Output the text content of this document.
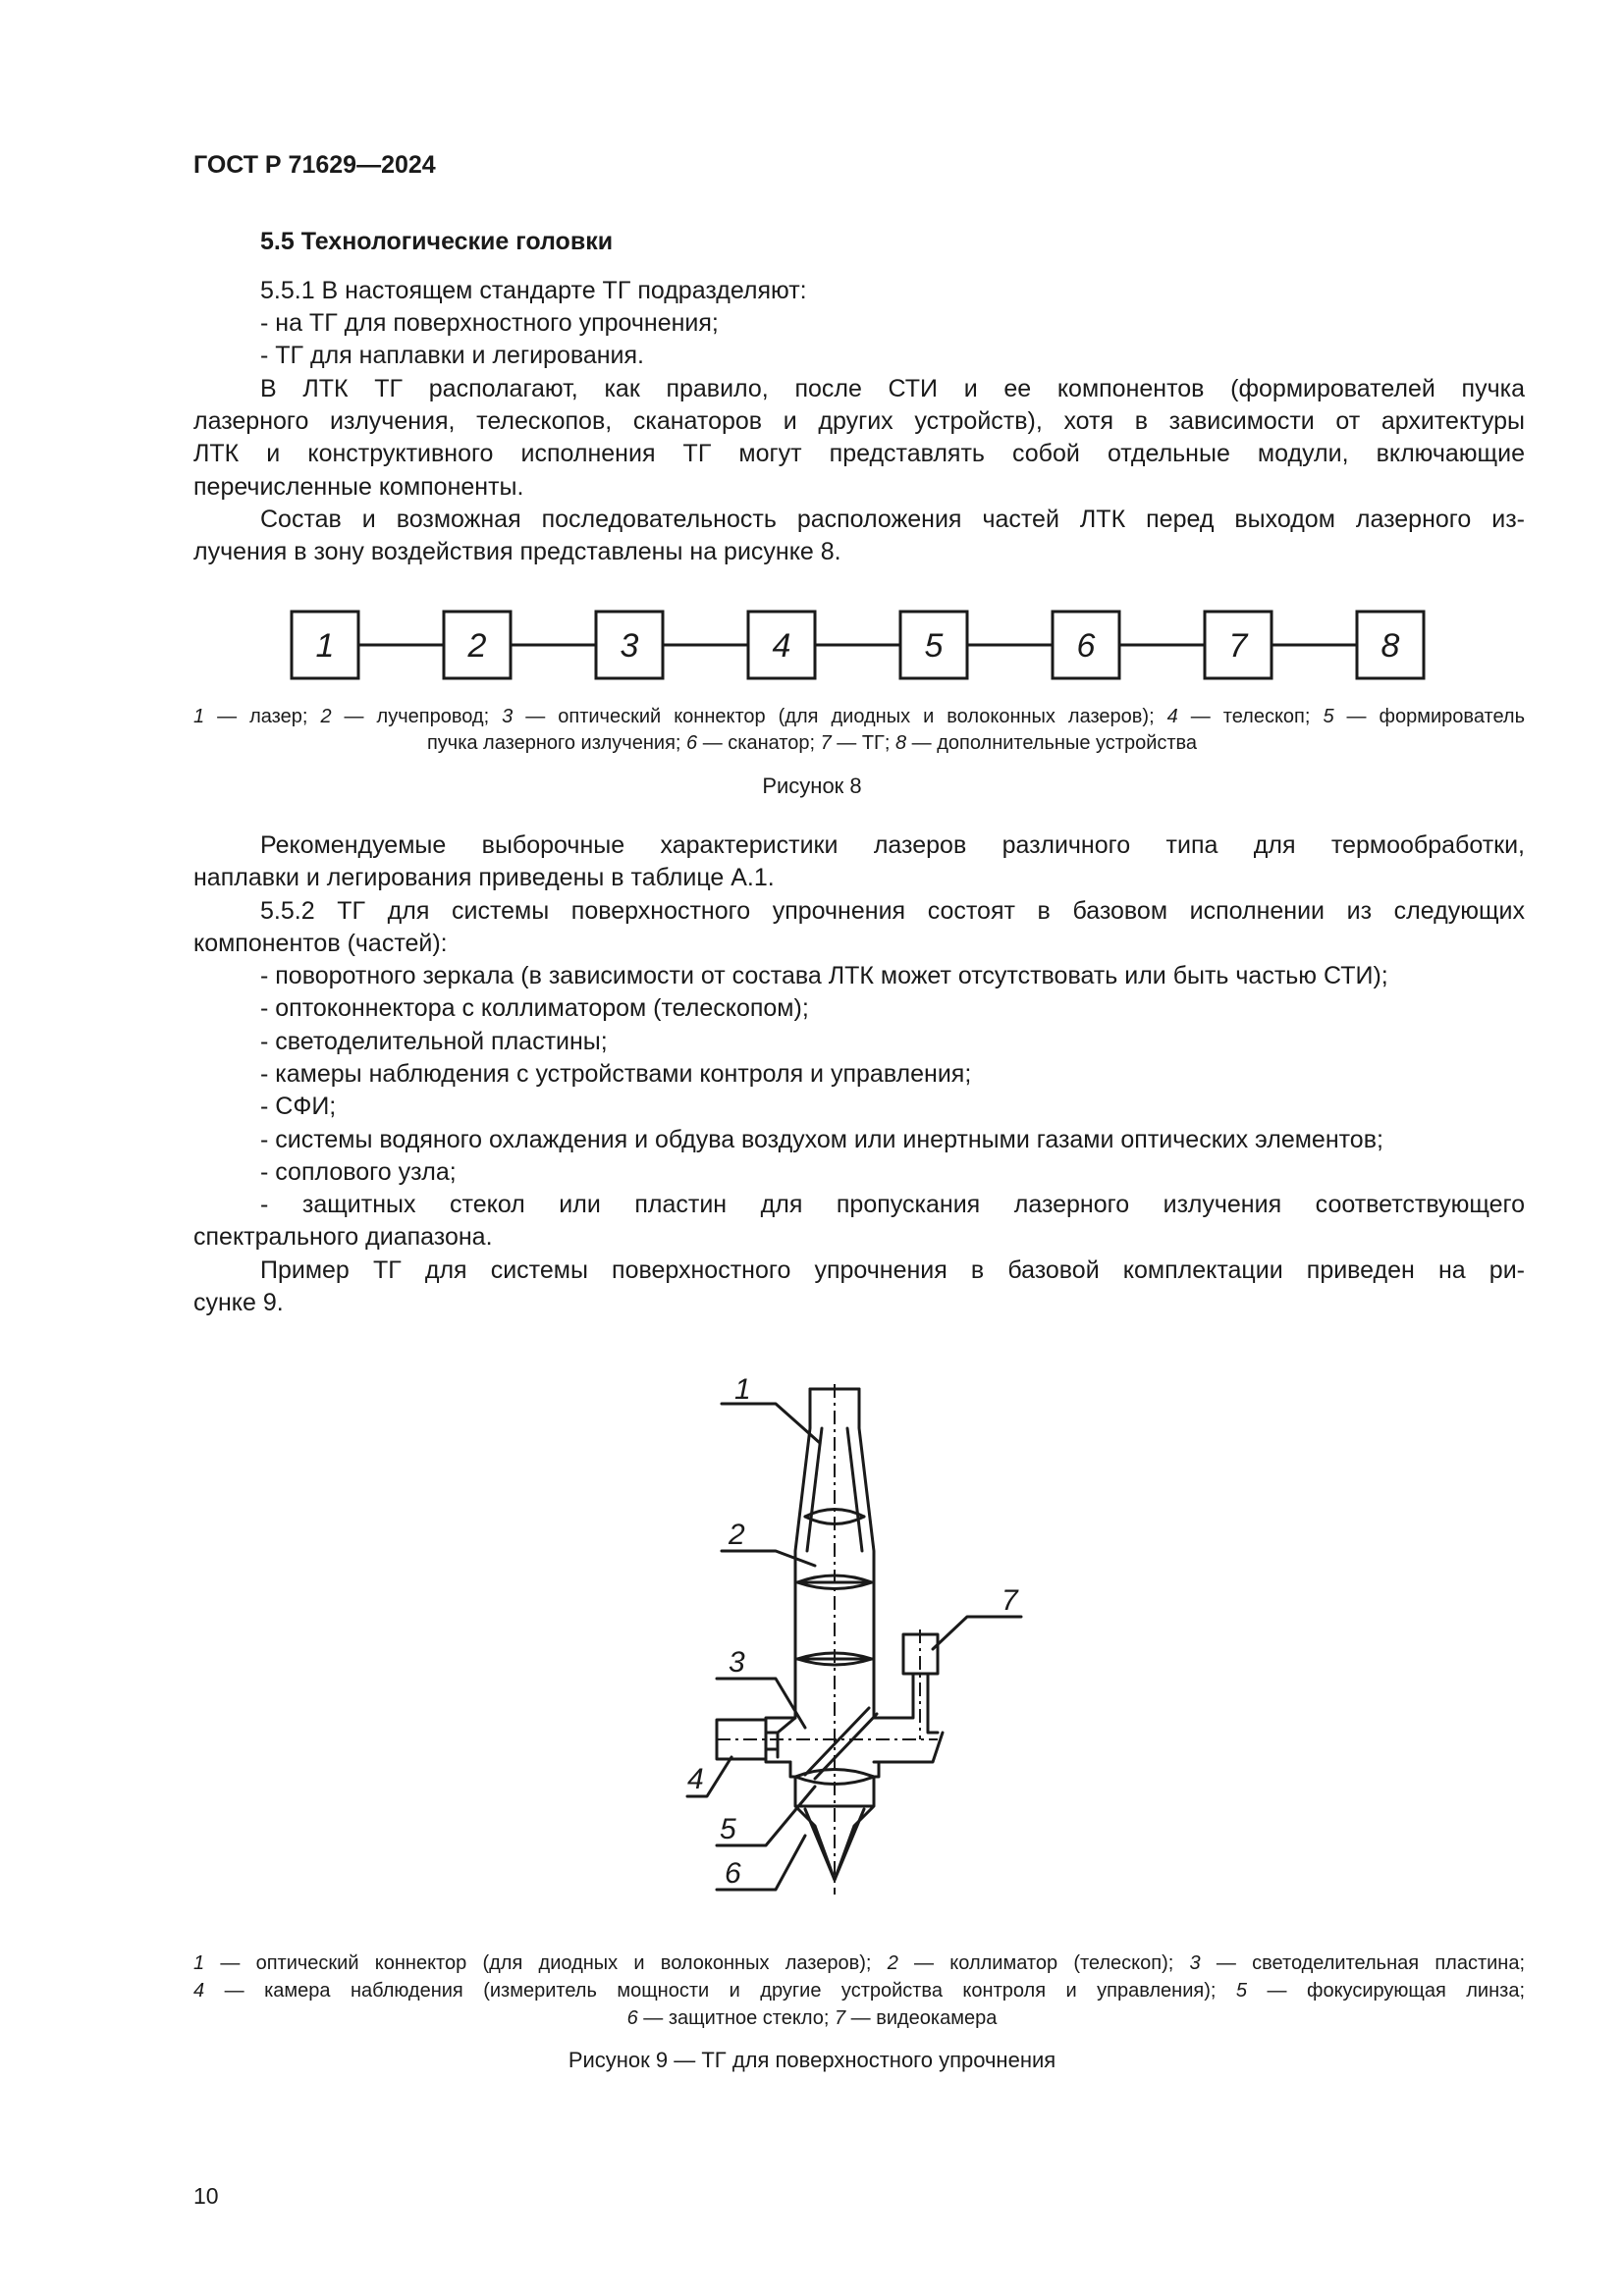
ГОСТ Р 71629—2024
5.5 Технологические головки
5.5.1 В настоящем стандарте ТГ подразделяют:
- на ТГ для поверхностного упрочнения;
- ТГ для наплавки и легирования.
В ЛТК ТГ располагают, как правило, после СТИ и ее компонентов (формирователей пучка
лазерного излучения, телескопов, сканаторов и других устройств), хотя в зависимости от архитектуры
ЛТК и конструктивного исполнения ТГ могут представлять собой отдельные модули, включающие
перечисленные компоненты.
Состав и возможная последовательность расположения частей ЛТК перед выходом лазерного из-
лучения в зону воздействия представлены на рисунке 8.
1	2	3	4	5	6	7	8
1 — лазер; 2 — лучепровод; 3 — оптический коннектор (для диодных и волоконных лазеров); 4 — телескоп; 5 — формирователь
пучка лазерного излучения; 6 — сканатор; 7 — ТГ; 8 — дополнительные устройства
Рисунок 8
Рекомендуемые выборочные характеристики лазеров различного типа для термообработки,
наплавки и легирования приведены в таблице А.1.
5.5.2 ТГ для системы поверхностного упрочнения состоят в базовом исполнении из следующих
компонентов (частей):
- поворотного зеркала (в зависимости от состава ЛТК может отсутствовать или быть частью СТИ);
- оптоконнектора с коллиматором (телескопом);
- светоделительной пластины;
- камеры наблюдения с устройствами контроля и управления;
- СФИ;
- системы водяного охлаждения и обдува воздухом или инертными газами оптических элементов;
- соплового узла;
- защитных стекол или пластин для пропускания лазерного излучения соответствующего
спектрального диапазона.
Пример ТГ для системы поверхностного упрочнения в базовой комплектации приведен на ри-
сунке 9.
1
2
3
4
5
6
7
1 — оптический коннектор (для диодных и волоконных лазеров); 2 — коллиматор (телескоп); 3 — светоделительная пластина;
4 — камера наблюдения (измеритель мощности и другие устройства контроля и управления); 5 — фокусирующая линза;
6 — защитное стекло; 7 — видеокамера
Рисунок 9 — ТГ для поверхностного упрочнения
10
